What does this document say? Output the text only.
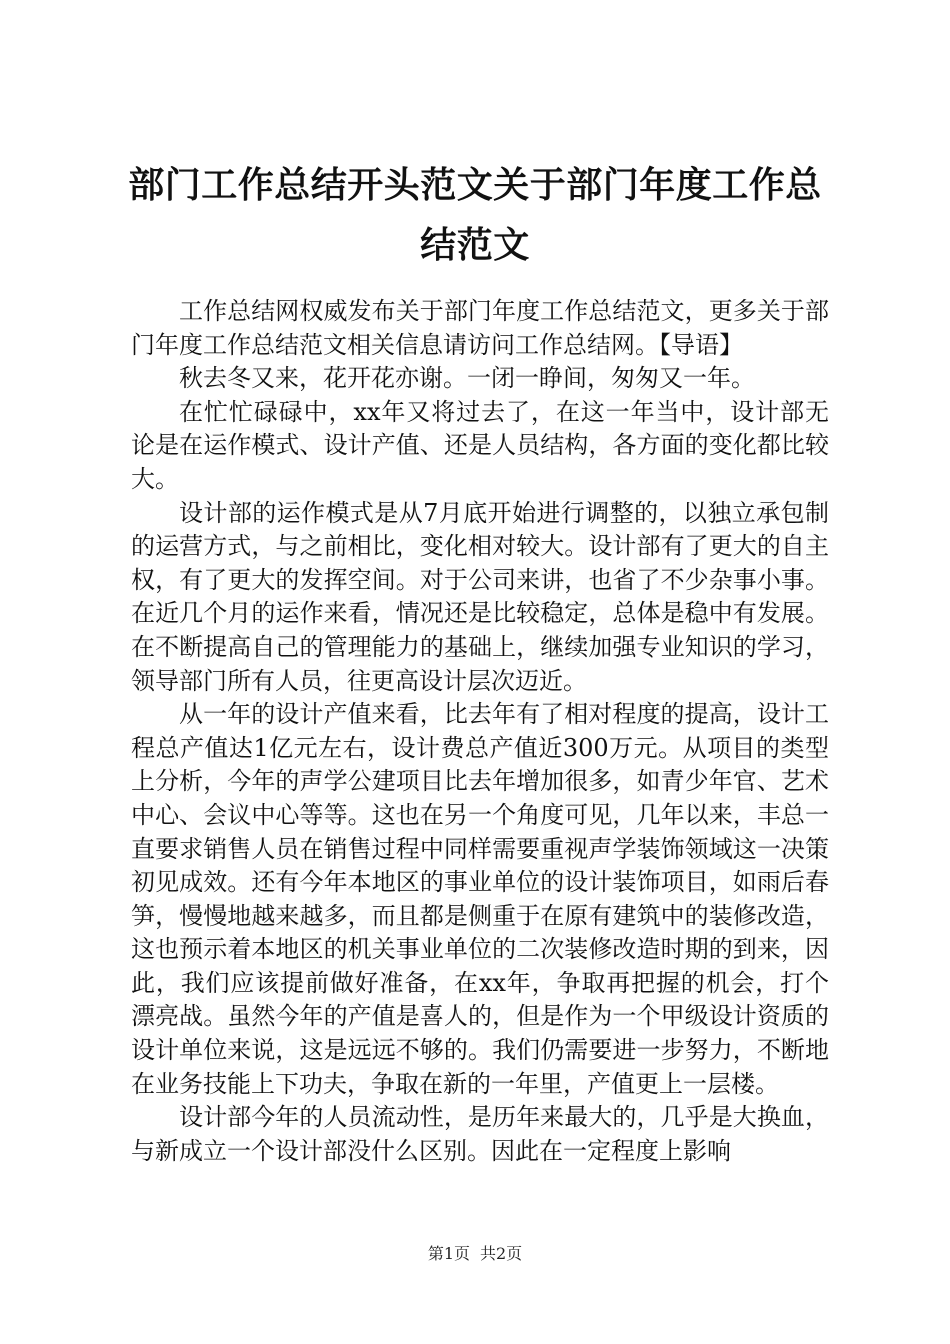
部门工作总结开头范文关于部门年度工作总结范文

工作总结网权威发布关于部门年度工作总结范文，更多关于部门年度工作总结范文相关信息请访问工作总结网。【导语】

秋去冬又来，花开花亦谢。一闭一睁间，匆匆又一年。

在忙忙碌碌中，xx年又将过去了，在这一年当中，设计部无论是在运作模式、设计产值、还是人员结构，各方面的变化都比较大。

设计部的运作模式是从7月底开始进行调整的，以独立承包制的运营方式，与之前相比，变化相对较大。设计部有了更大的自主权，有了更大的发挥空间。对于公司来讲，也省了不少杂事小事。在近几个月的运作来看，情况还是比较稳定，总体是稳中有发展。在不断提高自己的管理能力的基础上，继续加强专业知识的学习，领导部门所有人员，往更高设计层次迈近。

从一年的设计产值来看，比去年有了相对程度的提高，设计工程总产值达1亿元左右，设计费总产值近300万元。从项目的类型上分析，今年的声学公建项目比去年增加很多，如青少年官、艺术中心、会议中心等等。这也在另一个角度可见，几年以来，丰总一直要求销售人员在销售过程中同样需要重视声学装饰领域这一决策初见成效。还有今年本地区的事业单位的设计装饰项目，如雨后春笋，慢慢地越来越多，而且都是侧重于在原有建筑中的装修改造，这也预示着本地区的机关事业单位的二次装修改造时期的到来，因此，我们应该提前做好准备，在xx年，争取再把握的机会，打个漂亮战。虽然今年的产值是喜人的，但是作为一个甲级设计资质的设计单位来说，这是远远不够的。我们仍需要进一步努力，不断地在业务技能上下功夫，争取在新的一年里，产值更上一层楼。

设计部今年的人员流动性，是历年来最大的，几乎是大换血，与新成立一个设计部没什么区别。因此在一定程度上影响

第1页 共2页
